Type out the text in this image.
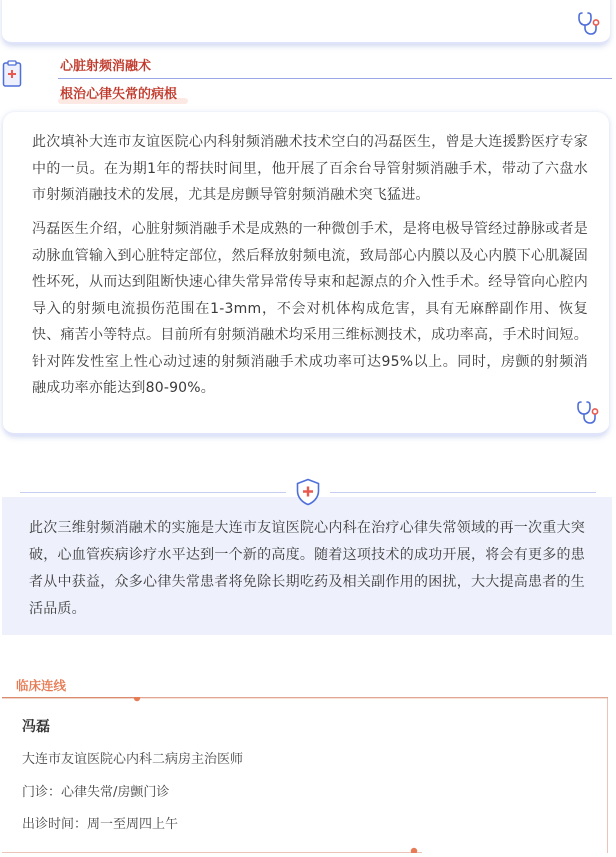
心脏射频消融术
根治心律失常的病根

此次填补大连市友谊医院心内科射频消融术技术空白的冯磊医生，曾是大连援黔医疗专家中的一员。在为期1年的帮扶时间里，他开展了百余台导管射频消融手术，带动了六盘水市射频消融技术的发展，尤其是房颤导管射频消融术突飞猛进。

冯磊医生介绍，心脏射频消融手术是成熟的一种微创手术，是将电极导管经过静脉或者是动脉血管输入到心脏特定部位，然后释放射频电流，致局部心内膜以及心内膜下心肌凝固性坏死，从而达到阻断快速心律失常异常传导束和起源点的介入性手术。经导管向心腔内导入的射频电流损伤范围在1-3mm，不会对机体构成危害，具有无麻醉副作用、恢复快、痛苦小等特点。目前所有射频消融术均采用三维标测技术，成功率高，手术时间短。针对阵发性室上性心动过速的射频消融手术成功率可达95%以上。同时，房颤的射频消融成功率亦能达到80-90%。

此次三维射频消融术的实施是大连市友谊医院心内科在治疗心律失常领域的再一次重大突破，心血管疾病诊疗水平达到一个新的高度。随着这项技术的成功开展，将会有更多的患者从中获益，众多心律失常患者将免除长期吃药及相关副作用的困扰，大大提高患者的生活品质。

临床连线
冯磊
大连市友谊医院心内科二病房主治医师
门诊：心律失常/房颤门诊
出诊时间：周一至周四上午
